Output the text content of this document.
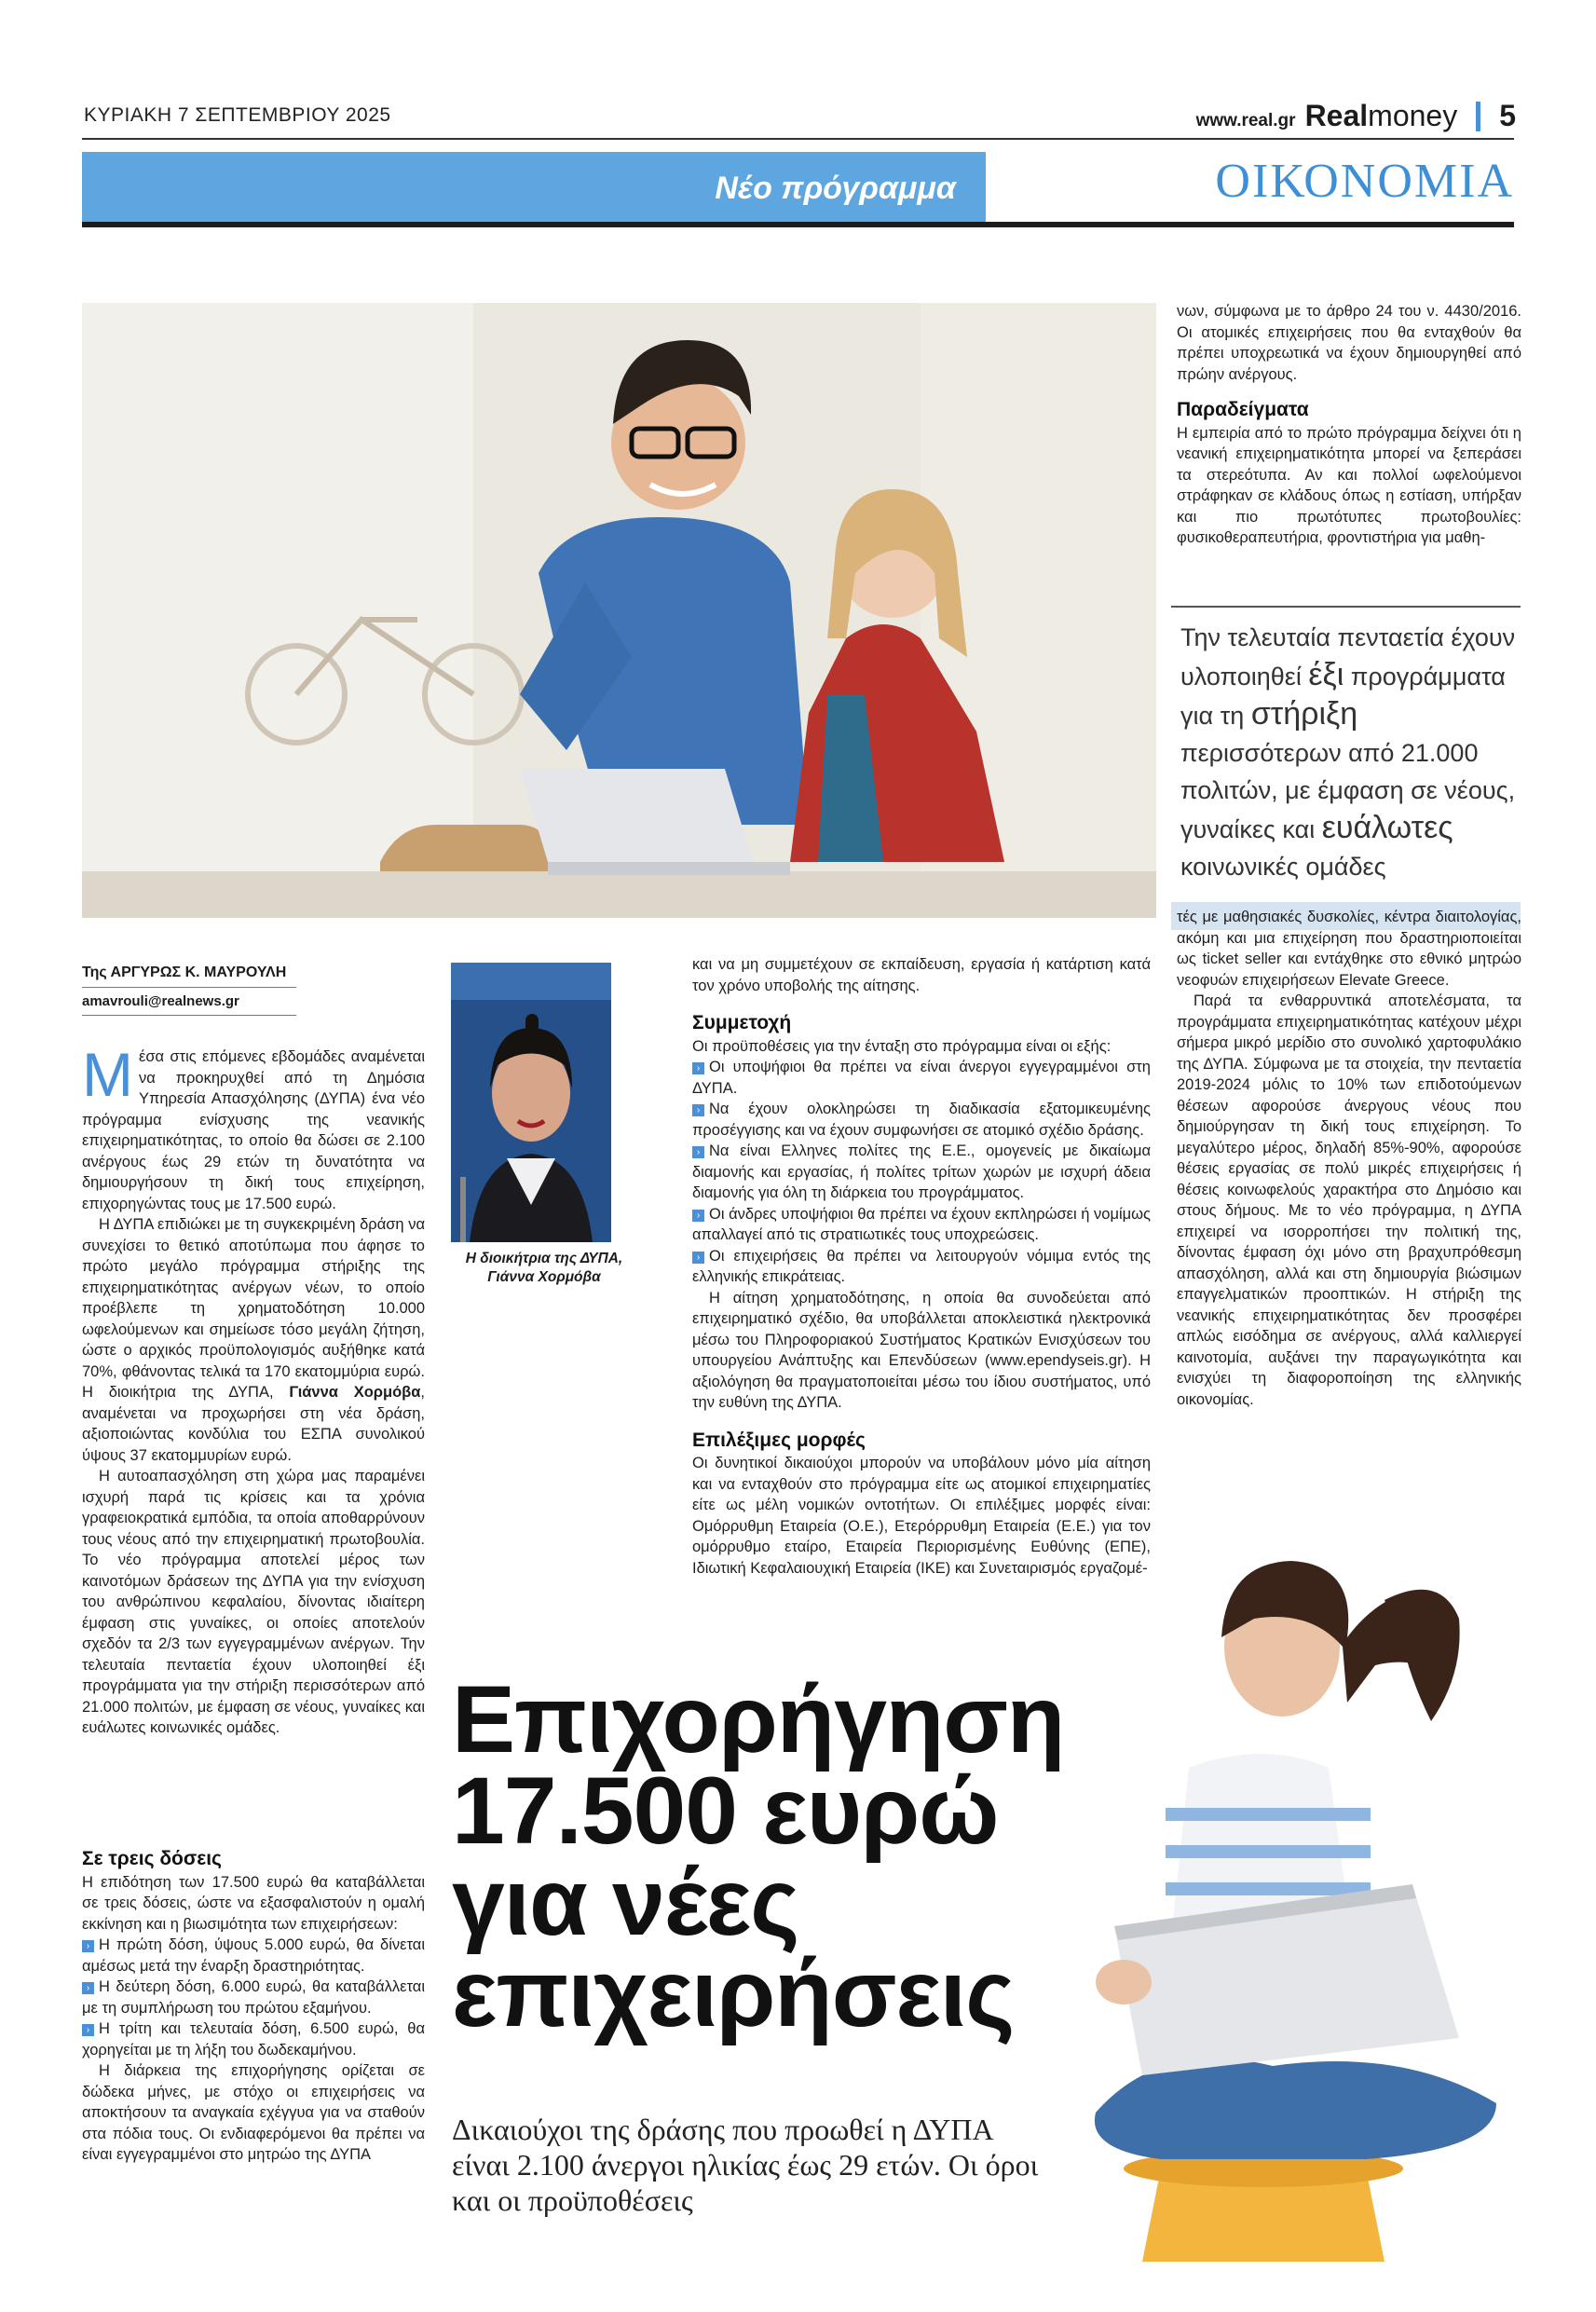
ΚΥΡΙΑΚΗ 7 ΣΕΠΤΕΜΒΡΙΟΥ 2025	www.real.gr Realmoney 5
Νέο πρόγραμμα	ΟΙΚΟΝΟΜΙΑ
Της ΑΡΓΥΡΩΣ Κ. ΜΑΥΡΟΥΛΗ
amavrouli@realnews.gr

Μέσα στις επόμενες εβδομάδες αναμένεται να προκηρυχθεί από τη Δημόσια Υπηρεσία Απασχόλησης (ΔΥΠΑ) ένα νέο πρόγραμμα ενίσχυσης της νεανικής επιχειρηματικότητας, το οποίο θα δώσει σε 2.100 ανέργους έως 29 ετών τη δυνατότητα να δημιουργήσουν τη δική τους επιχείρηση, επιχορηγώντας τους με 17.500 ευρώ.

Η ΔΥΠΑ επιδιώκει με τη συγκεκριμένη δράση να συνεχίσει το θετικό αποτύπωμα που άφησε το πρώτο μεγάλο πρόγραμμα στήριξης της επιχειρηματικότητας ανέργων νέων, το οποίο προέβλεπε τη χρηματοδότηση 10.000 ωφελούμενων και σημείωσε τόσο μεγάλη ζήτηση, ώστε ο αρχικός προϋπολογισμός αυξήθηκε κατά 70%, φθάνοντας τελικά τα 170 εκατομμύρια ευρώ. Η διοικήτρια της ΔΥΠΑ, Γιάννα Χορμόβα, αναμένεται να προχωρήσει στη νέα δράση, αξιοποιώντας κονδύλια του ΕΣΠΑ συνολικού ύψους 37 εκατομμυρίων ευρώ.

Η αυτοαπασχόληση στη χώρα μας παραμένει ισχυρή παρά τις κρίσεις και τα χρόνια γραφειοκρατικά εμπόδια, τα οποία αποθαρρύνουν τους νέους από την επιχειρηματική πρωτοβουλία. Το νέο πρόγραμμα αποτελεί μέρος των καινοτόμων δράσεων της ΔΥΠΑ για την ενίσχυση του ανθρώπινου κεφαλαίου, δίνοντας ιδιαίτερη έμφαση στις γυναίκες, οι οποίες αποτελούν σχεδόν τα 2/3 των εγγεγραμμένων ανέργων. Την τελευταία πενταετία έχουν υλοποιηθεί έξι προγράμματα για την στήριξη περισσότερων από 21.000 πολιτών, με έμφαση σε νέους, γυναίκες και ευάλωτες κοινωνικές ομάδες.

Σε τρεις δόσεις

Η επιδότηση των 17.500 ευρώ θα καταβάλλεται σε τρεις δόσεις, ώστε να εξασφαλιστούν η ομαλή εκκίνηση και η βιωσιμότητα των επιχειρήσεων:

› Η πρώτη δόση, ύψους 5.000 ευρώ, θα δίνεται αμέσως μετά την έναρξη δραστηριότητας.

› Η δεύτερη δόση, 6.000 ευρώ, θα καταβάλλεται με τη συμπλήρωση του πρώτου εξαμήνου.

› Η τρίτη και τελευταία δόση, 6.500 ευρώ, θα χορηγείται με τη λήξη του δωδεκαμήνου.

Η διάρκεια της επιχορήγησης ορίζεται σε δώδεκα μήνες, με στόχο οι επιχειρήσεις να αποκτήσουν τα αναγκαία εχέγγυα για να σταθούν στα πόδια τους. Οι ενδιαφερόμενοι θα πρέπει να είναι εγγεγραμμένοι στο μητρώο της ΔΥΠΑ

Η διοικήτρια της ΔΥΠΑ,
Γιάννα Χορμόβα

και να μη συμμετέχουν σε εκπαίδευση, εργασία ή κατάρτιση κατά τον χρόνο υποβολής της αίτησης.

Συμμετοχή

Οι προϋποθέσεις για την ένταξη στο πρόγραμμα είναι οι εξής:

› Οι υποψήφιοι θα πρέπει να είναι άνεργοι εγγεγραμμένοι στη ΔΥΠΑ.

› Να έχουν ολοκληρώσει τη διαδικασία εξατομικευμένης προσέγγισης και να έχουν συμφωνήσει σε ατομικό σχέδιο δράσης.

› Να είναι Ελληνες πολίτες της Ε.Ε., ομογενείς με δικαίωμα διαμονής και εργασίας, ή πολίτες τρίτων χωρών με ισχυρή άδεια διαμονής για όλη τη διάρκεια του προγράμματος.

› Οι άνδρες υποψήφιοι θα πρέπει να έχουν εκπληρώσει ή νομίμως απαλλαγεί από τις στρατιωτικές τους υποχρεώσεις.

› Οι επιχειρήσεις θα πρέπει να λειτουργούν νόμιμα εντός της ελληνικής επικράτειας.

Η αίτηση χρηματοδότησης, η οποία θα συνοδεύεται από επιχειρηματικό σχέδιο, θα υποβάλλεται αποκλειστικά ηλεκτρονικά μέσω του Πληροφοριακού Συστήματος Κρατικών Ενισχύσεων του υπουργείου Ανάπτυξης και Επενδύσεων (www.ependyseis.gr). Η αξιολόγηση θα πραγματοποιείται μέσω του ίδιου συστήματος, υπό την ευθύνη της ΔΥΠΑ.

Επιλέξιμες μορφές

Οι δυνητικοί δικαιούχοι μπορούν να υποβάλουν μόνο μία αίτηση και να ενταχθούν στο πρόγραμμα είτε ως ατομικοί επιχειρηματίες είτε ως μέλη νομικών οντοτήτων. Οι επιλέξιμες μορφές είναι: Ομόρρυθμη Εταιρεία (Ο.Ε.), Ετερόρρυθμη Εταιρεία (Ε.Ε.) για τον ομόρρυθμο εταίρο, Εταιρεία Περιορισμένης Ευθύνης (ΕΠΕ), Ιδιωτική Κεφαλαιουχική Εταιρεία (ΙΚΕ) και Συνεταιρισμός εργαζομέ-

νων, σύμφωνα με το άρθρο 24 του ν. 4430/2016. Οι ατομικές επιχειρήσεις που θα ενταχθούν θα πρέπει υποχρεωτικά να έχουν δημιουργηθεί από πρώην ανέργους.

Παραδείγματα

Η εμπειρία από το πρώτο πρόγραμμα δείχνει ότι η νεανική επιχειρηματικότητα μπορεί να ξεπεράσει τα στερεότυπα. Αν και πολλοί ωφελούμενοι στράφηκαν σε κλάδους όπως η εστίαση, υπήρξαν και πιο πρωτότυπες πρωτοβουλίες: φυσικοθεραπευτήρια, φροντιστήρια για μαθη-

Την τελευταία πενταετία έχουν υλοποιηθεί έξι προγράμματα για τη στήριξη περισσότερων από 21.000 πολιτών, με έμφαση σε νέους, γυναίκες και ευάλωτες κοινωνικές ομάδες

τές με μαθησιακές δυσκολίες, κέντρα διαιτολογίας, ακόμη και μια επιχείρηση που δραστηριοποιείται ως ticket seller και εντάχθηκε στο εθνικό μητρώο νεοφυών επιχειρήσεων Elevate Greece.

Παρά τα ενθαρρυντικά αποτελέσματα, τα προγράμματα επιχειρηματικότητας κατέχουν μέχρι σήμερα μικρό μερίδιο στο συνολικό χαρτοφυλάκιο της ΔΥΠΑ. Σύμφωνα με τα στοιχεία, την πενταετία 2019-2024 μόλις το 10% των επιδοτούμενων θέσεων αφορούσε άνεργους νέους που δημιούργησαν τη δική τους επιχείρηση. Το μεγαλύτερο μέρος, δηλαδή 85%-90%, αφορούσε θέσεις εργασίας σε πολύ μικρές επιχειρήσεις ή θέσεις κοινωφελούς χαρακτήρα στο Δημόσιο και στους δήμους. Με το νέο πρόγραμμα, η ΔΥΠΑ επιχειρεί να ισορροπήσει την πολιτική της, δίνοντας έμφαση όχι μόνο στη βραχυπρόθεσμη απασχόληση, αλλά και στη δημιουργία βιώσιμων επαγγελματικών προοπτικών. Η στήριξη της νεανικής επιχειρηματικότητας δεν προσφέρει απλώς εισόδημα σε ανέργους, αλλά καλλιεργεί καινοτομία, αυξάνει την παραγωγικότητα και ενισχύει τη διαφοροποίηση της ελληνικής οικονομίας.

Επιχορήγηση
17.500 ευρώ
για νέες
επιχειρήσεις
Δικαιούχοι της δράσης που προωθεί η ΔΥΠΑ είναι 2.100 άνεργοι ηλικίας έως 29 ετών. Οι όροι και οι προϋποθέσεις
